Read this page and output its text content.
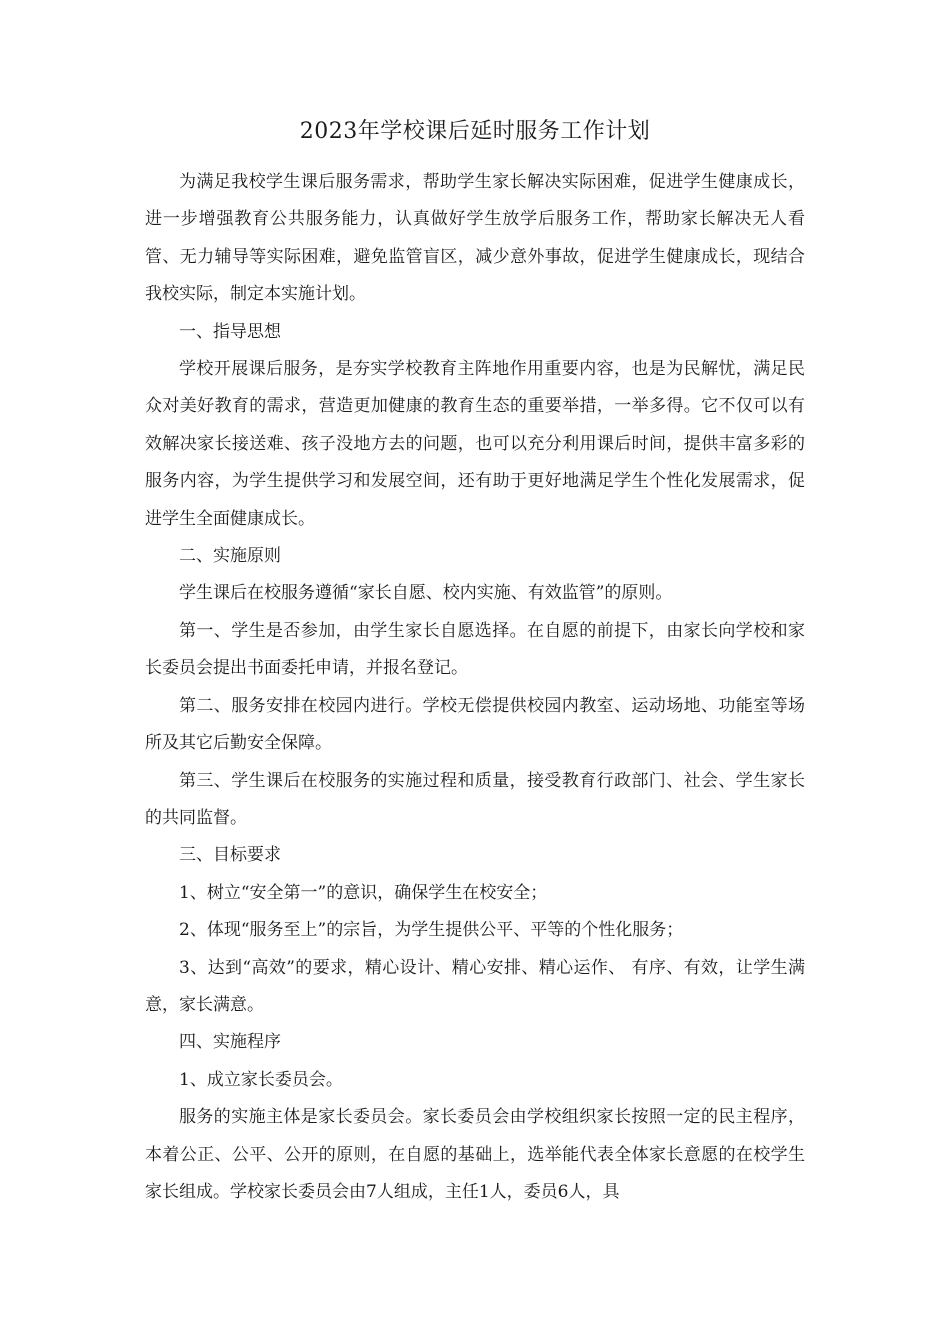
2023年学校课后延时服务工作计划

为满足我校学生课后服务需求，帮助学生家长解决实际困难，促进学生健康成长，进一步增强教育公共服务能力，认真做好学生放学后服务工作，帮助家长解决无人看管、无力辅导等实际困难，避免监管盲区，减少意外事故，促进学生健康成长，现结合我校实际，制定本实施计划。

一、指导思想

学校开展课后服务，是夯实学校教育主阵地作用重要内容，也是为民解忧，满足民众对美好教育的需求，营造更加健康的教育生态的重要举措，一举多得。它不仅可以有效解决家长接送难、孩子没地方去的问题，也可以充分利用课后时间，提供丰富多彩的服务内容，为学生提供学习和发展空间，还有助于更好地满足学生个性化发展需求，促进学生全面健康成长。

二、实施原则

学生课后在校服务遵循“家长自愿、校内实施、有效监管”的原则。

第一、学生是否参加，由学生家长自愿选择。在自愿的前提下，由家长向学校和家长委员会提出书面委托申请，并报名登记。

第二、服务安排在校园内进行。学校无偿提供校园内教室、运动场地、功能室等场所及其它后勤安全保障。

第三、学生课后在校服务的实施过程和质量，接受教育行政部门、社会、学生家长的共同监督。

三、目标要求

1、树立“安全第一”的意识，确保学生在校安全；

2、体现“服务至上”的宗旨，为学生提供公平、平等的个性化服务；

3、达到“高效”的要求，精心设计、精心安排、精心运作、 有序、有效，让学生满意，家长满意。

四、实施程序

1、成立家长委员会。

服务的实施主体是家长委员会。家长委员会由学校组织家长按照一定的民主程序，本着公正、公平、公开的原则，在自愿的基础上，选举能代表全体家长意愿的在校学生家长组成。学校家长委员会由7人组成，主任1人，委员6人，具
